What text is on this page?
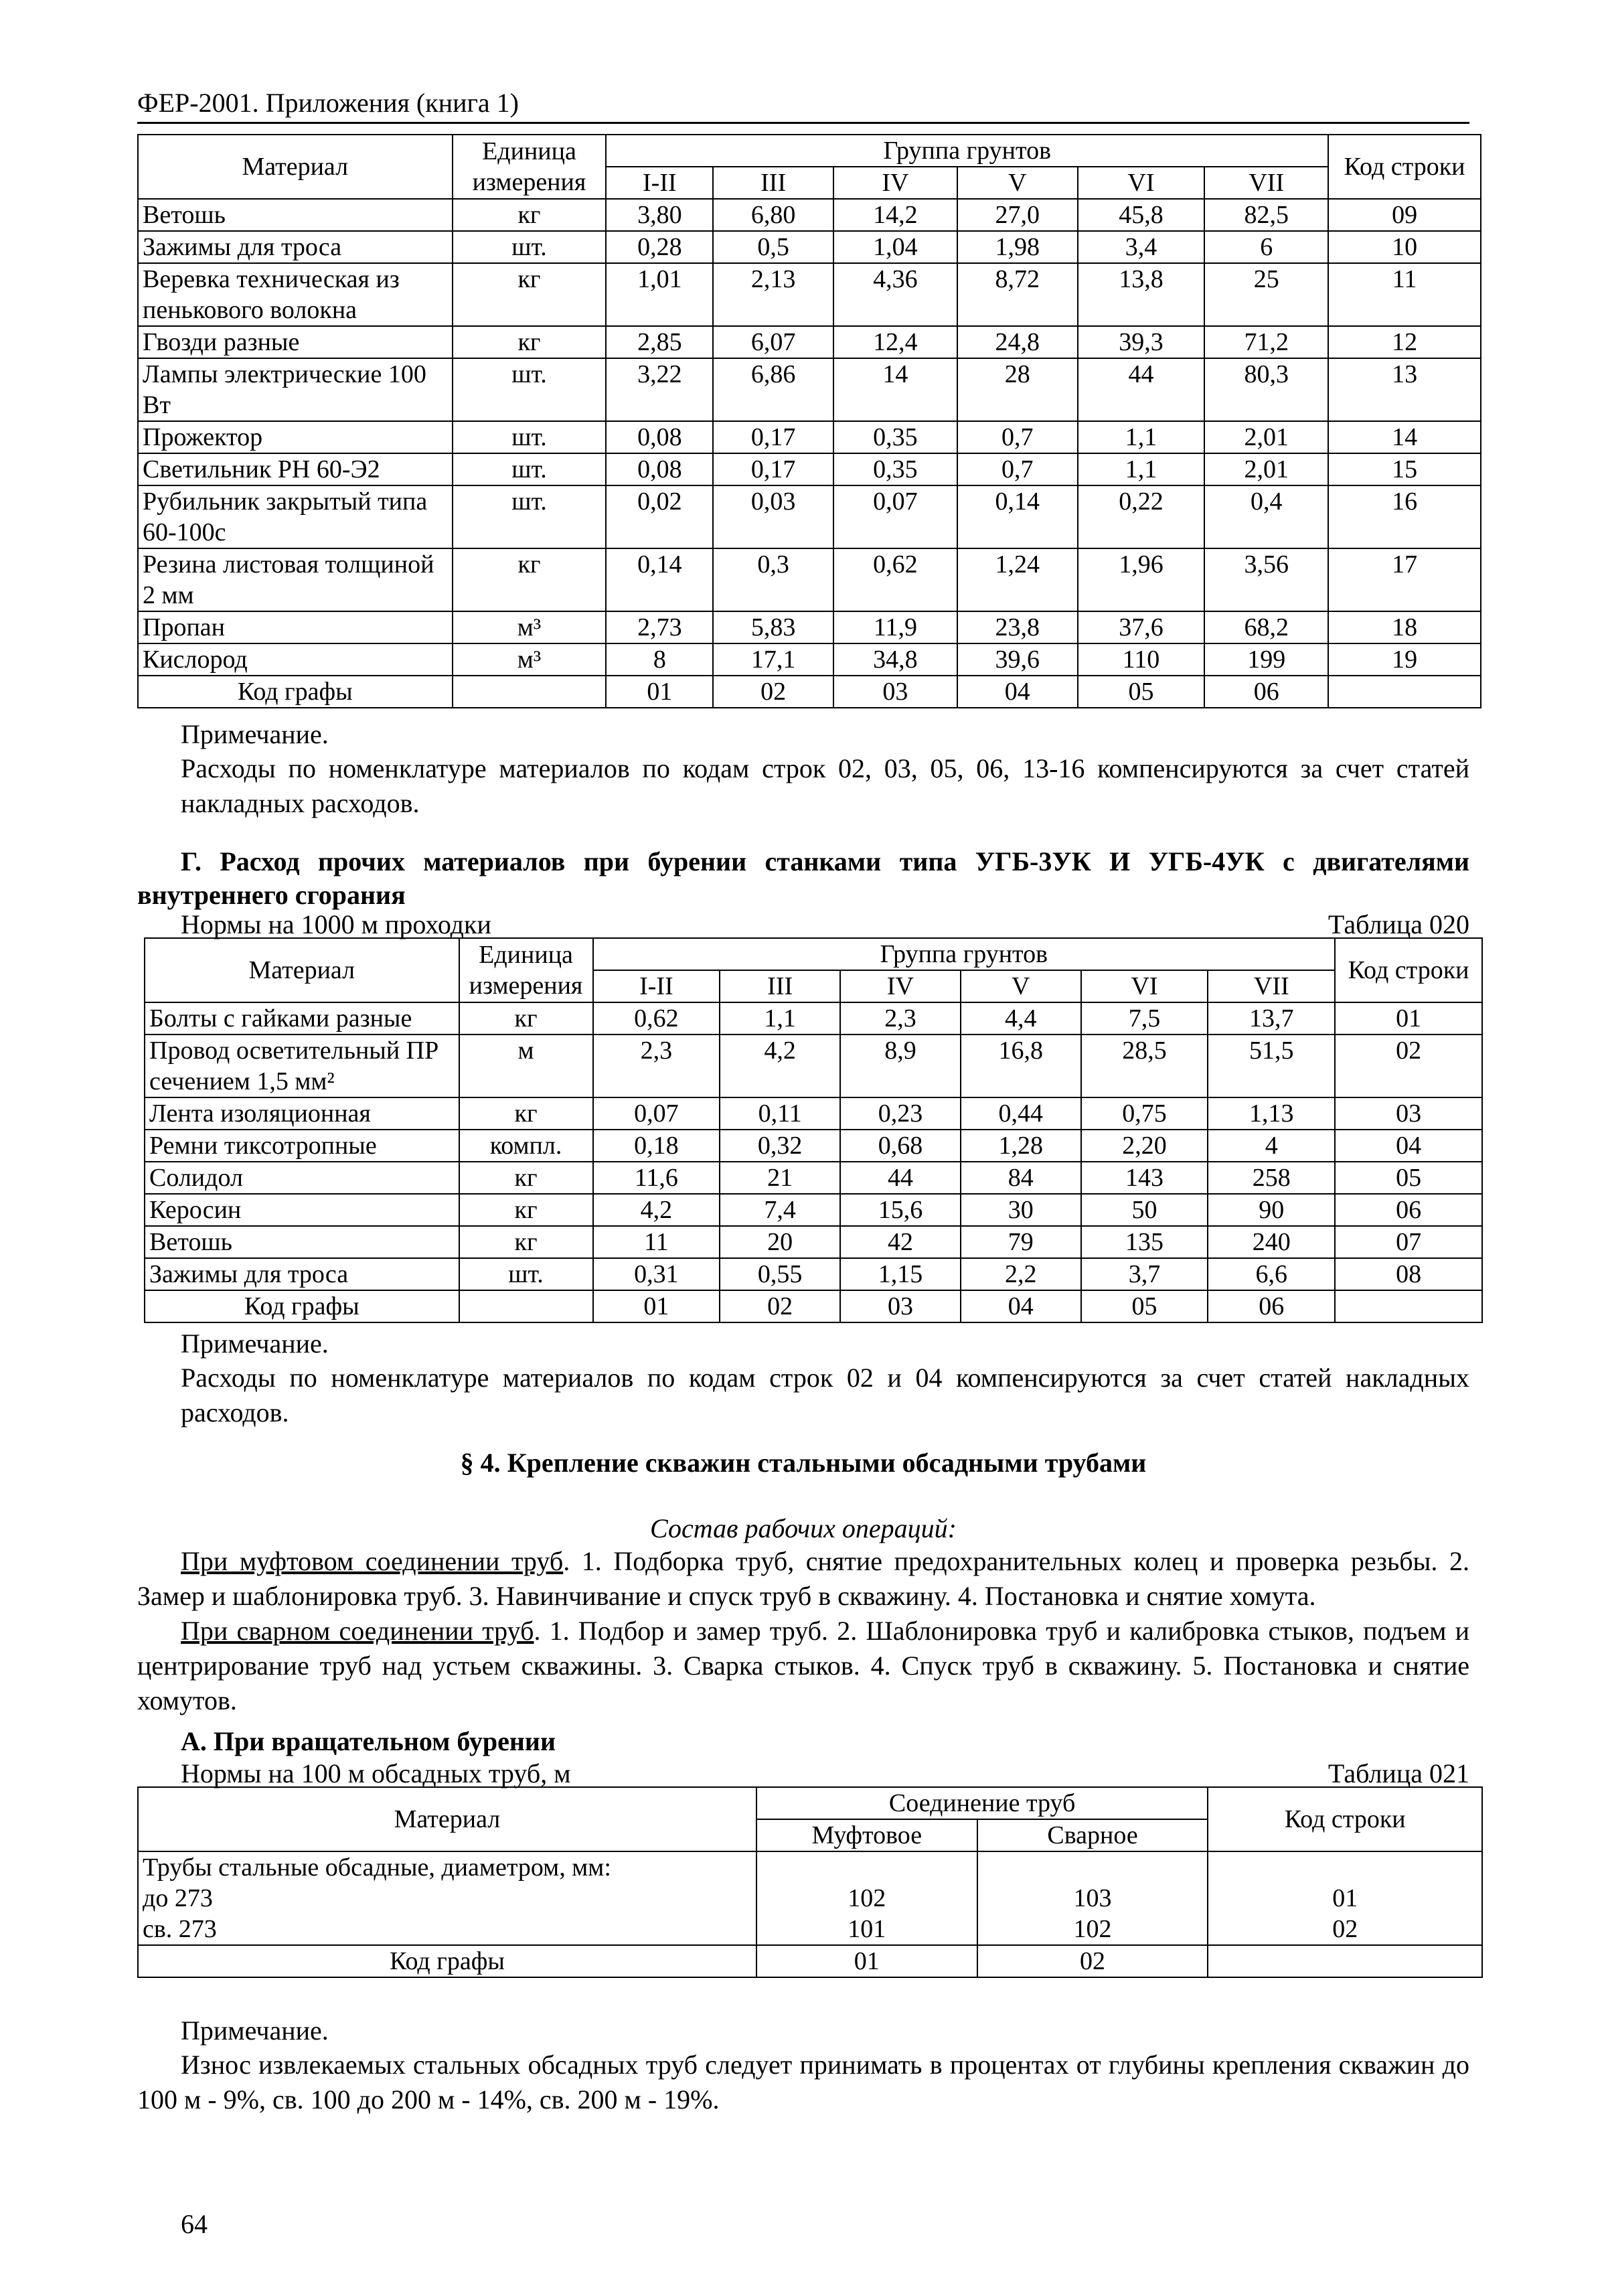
ФЕР-2001. Приложения (книга 1)
Материал	Единица измерения	Группа грунтов						Код строки
		I-II	III	IV	V	VI	VII	
Ветошь	кг	3,80	6,80	14,2	27,0	45,8	82,5	09
Зажимы для троса	шт.	0,28	0,5	1,04	1,98	3,4	6	10
Веревка техническая из пенькового волокна	кг	1,01	2,13	4,36	8,72	13,8	25	11
Гвозди разные	кг	2,85	6,07	12,4	24,8	39,3	71,2	12
Лампы электрические 100 Вт	шт.	3,22	6,86	14	28	44	80,3	13
Прожектор	шт.	0,08	0,17	0,35	0,7	1,1	2,01	14
Светильник РН 60-Э2	шт.	0,08	0,17	0,35	0,7	1,1	2,01	15
Рубильник закрытый типа 60-100с	шт.	0,02	0,03	0,07	0,14	0,22	0,4	16
Резина листовая толщиной 2 мм	кг	0,14	0,3	0,62	1,24	1,96	3,56	17
Пропан	м³	2,73	5,83	11,9	23,8	37,6	68,2	18
Кислород	м³	8	17,1	34,8	39,6	110	199	19
Код графы		01	02	03	04	05	06	
Примечание.
Расходы по номенклатуре материалов по кодам строк 02, 03, 05, 06, 13-16 компенсируются за счет статей накладных расходов.
Г. Расход прочих материалов при бурении станками типа УГБ-3УК И УГБ-4УК с двигателями внутреннего сгорания
Нормы на 1000 м проходки	Таблица 020
Материал	Единица измерения	Группа грунтов						Код строки
		I-II	III	IV	V	VI	VII	
Болты с гайками разные	кг	0,62	1,1	2,3	4,4	7,5	13,7	01
Провод осветительный ПР сечением 1,5 мм²	м	2,3	4,2	8,9	16,8	28,5	51,5	02
Лента изоляционная	кг	0,07	0,11	0,23	0,44	0,75	1,13	03
Ремни тиксотропные	компл.	0,18	0,32	0,68	1,28	2,20	4	04
Солидол	кг	11,6	21	44	84	143	258	05
Керосин	кг	4,2	7,4	15,6	30	50	90	06
Ветошь	кг	11	20	42	79	135	240	07
Зажимы для троса	шт.	0,31	0,55	1,15	2,2	3,7	6,6	08
Код графы		01	02	03	04	05	06	
Примечание.
Расходы по номенклатуре материалов по кодам строк 02 и 04 компенсируются за счет статей накладных расходов.
§ 4. Крепление скважин стальными обсадными трубами
Состав рабочих операций:
При муфтовом соединении труб. 1. Подборка труб, снятие предохранительных колец и проверка резьбы. 2. Замер и шаблонировка труб. 3. Навинчивание и спуск труб в скважину. 4. Постановка и снятие хомута.
При сварном соединении труб. 1. Подбор и замер труб. 2. Шаблонировка труб и калибровка стыков, подъем и центрирование труб над устьем скважины. 3. Сварка стыков. 4. Спуск труб в скважину. 5. Постановка и снятие хомутов.
А. При вращательном бурении
Нормы на 100 м обсадных труб, м	Таблица 021
Материал	Соединение труб		Код строки
	Муфтовое	Сварное	
Трубы стальные обсадные, диаметром, мм:			
до 273	102	103	01
св. 273	101	102	02
Код графы	01	02	
Примечание.
Износ извлекаемых стальных обсадных труб следует принимать в процентах от глубины крепления скважин до 100 м - 9%, св. 100 до 200 м - 14%, св. 200 м - 19%.
64
